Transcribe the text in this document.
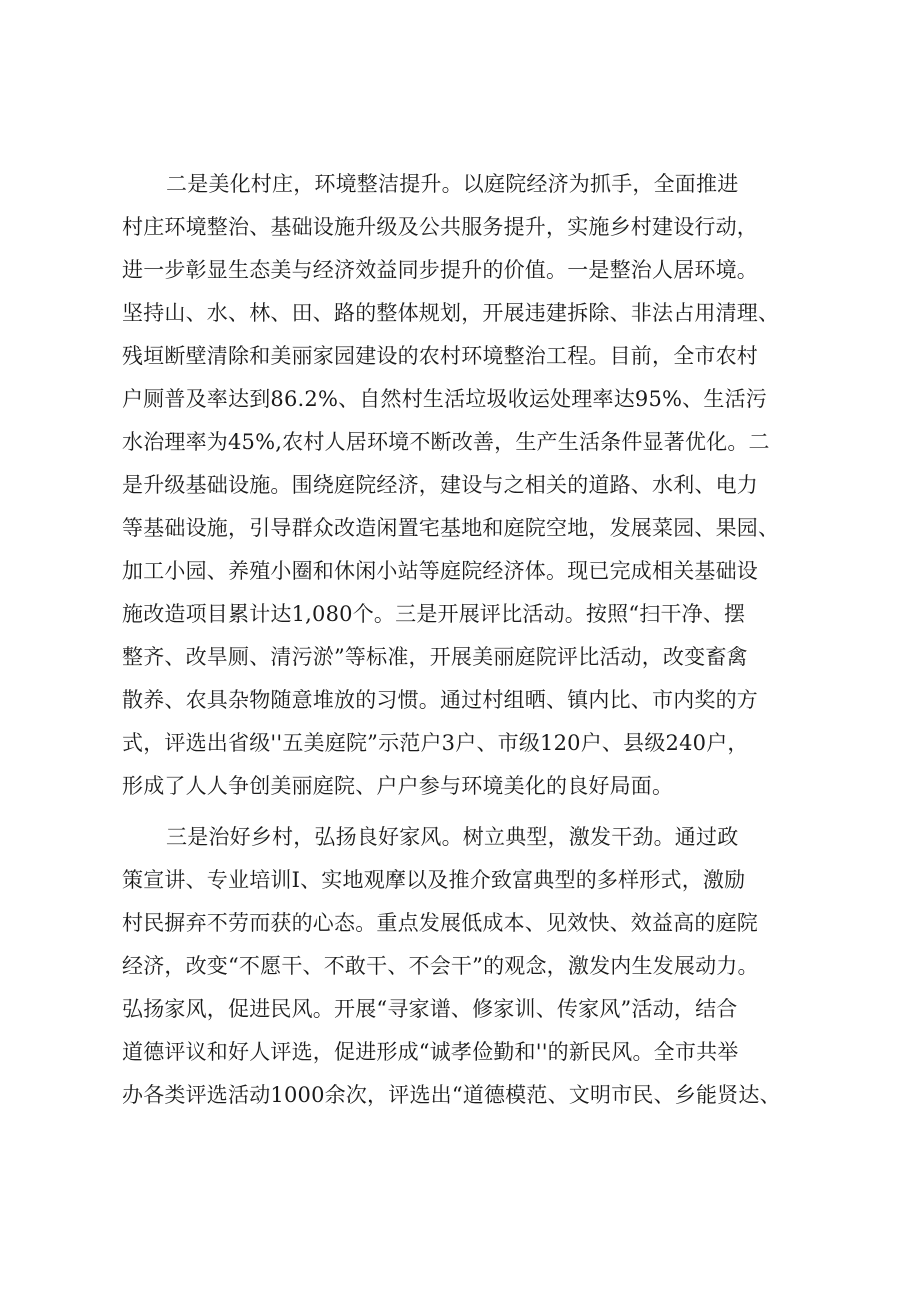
二是美化村庄，环境整洁提升。以庭院经济为抓手，全面推进
村庄环境整治、基础设施升级及公共服务提升，实施乡村建设行动，
进一步彰显生态美与经济效益同步提升的价值。一是整治人居环境。
坚持山、水、林、田、路的整体规划，开展违建拆除、非法占用清理、
残垣断壁清除和美丽家园建设的农村环境整治工程。目前，全市农村
户厕普及率达到86.2%、自然村生活垃圾收运处理率达95%、生活污
水治理率为45%,农村人居环境不断改善，生产生活条件显著优化。二
是升级基础设施。围绕庭院经济，建设与之相关的道路、水利、电力
等基础设施，引导群众改造闲置宅基地和庭院空地，发展菜园、果园、
加工小园、养殖小圈和休闲小站等庭院经济体。现已完成相关基础设
施改造项目累计达1,080个。三是开展评比活动。按照“扫干净、摆
整齐、改旱厕、清污淤”等标准，开展美丽庭院评比活动，改变畜禽
散养、农具杂物随意堆放的习惯。通过村组晒、镇内比、市内奖的方
式，评选出省级''五美庭院”示范户3户、市级120户、县级240户，
形成了人人争创美丽庭院、户户参与环境美化的良好局面。
三是治好乡村，弘扬良好家风。树立典型，激发干劲。通过政
策宣讲、专业培训I、实地观摩以及推介致富典型的多样形式，激励
村民摒弃不劳而获的心态。重点发展低成本、见效快、效益高的庭院
经济，改变“不愿干、不敢干、不会干”的观念，激发内生发展动力。
弘扬家风，促进民风。开展“寻家谱、修家训、传家风”活动，结合
道德评议和好人评选，促进形成“诚孝俭勤和''的新民风。全市共举
办各类评选活动1000余次，评选出“道德模范、文明市民、乡能贤达、
